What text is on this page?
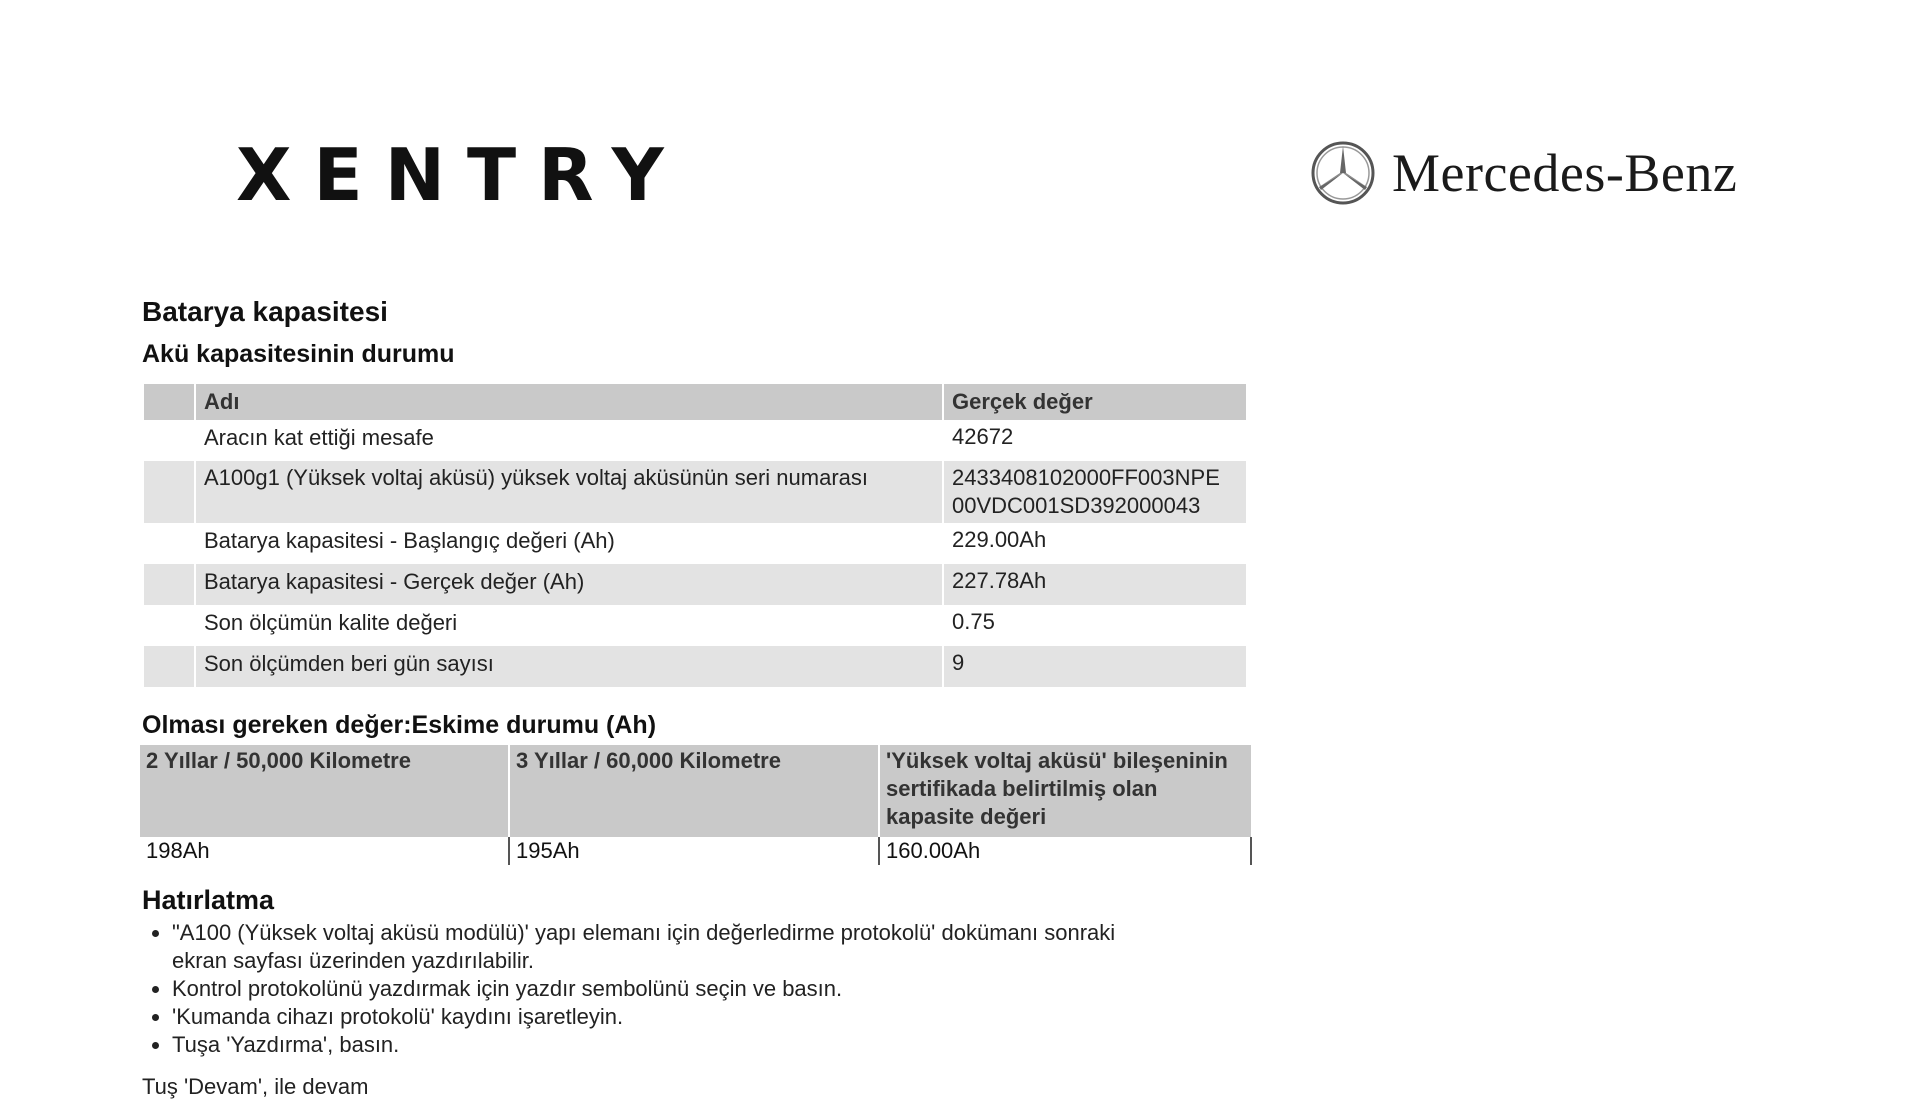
XENTRY	Mercedes-Benz
Batarya kapasitesi
Akü kapasitesinin durumu
	Adı	Gerçek değer
	Aracın kat ettiği mesafe	42672
	A100g1 (Yüksek voltaj aküsü) yüksek voltaj aküsünün seri numarası	2433408102000FF003NPE
00VDC001SD392000043
	Batarya kapasitesi - Başlangıç değeri (Ah)	229.00Ah
	Batarya kapasitesi - Gerçek değer (Ah)	227.78Ah
	Son ölçümün kalite değeri	0.75
	Son ölçümden beri gün sayısı	9
Olması gereken değer:Eskime durumu (Ah)
2 Yıllar / 50,000 Kilometre	3 Yıllar / 60,000 Kilometre	'Yüksek voltaj aküsü' bileşeninin sertifikada belirtilmiş olan kapasite değeri
198Ah	195Ah	160.00Ah
Hatırlatma
• "A100 (Yüksek voltaj aküsü modülü)' yapı elemanı için değerledirme protokolü' dokümanı sonraki ekran sayfası üzerinden yazdırılabilir.
• Kontrol protokolünü yazdırmak için yazdır sembolünü seçin ve basın.
• 'Kumanda cihazı protokolü' kaydını işaretleyin.
• Tuşa 'Yazdırma', basın.
Tuş 'Devam', ile devam
